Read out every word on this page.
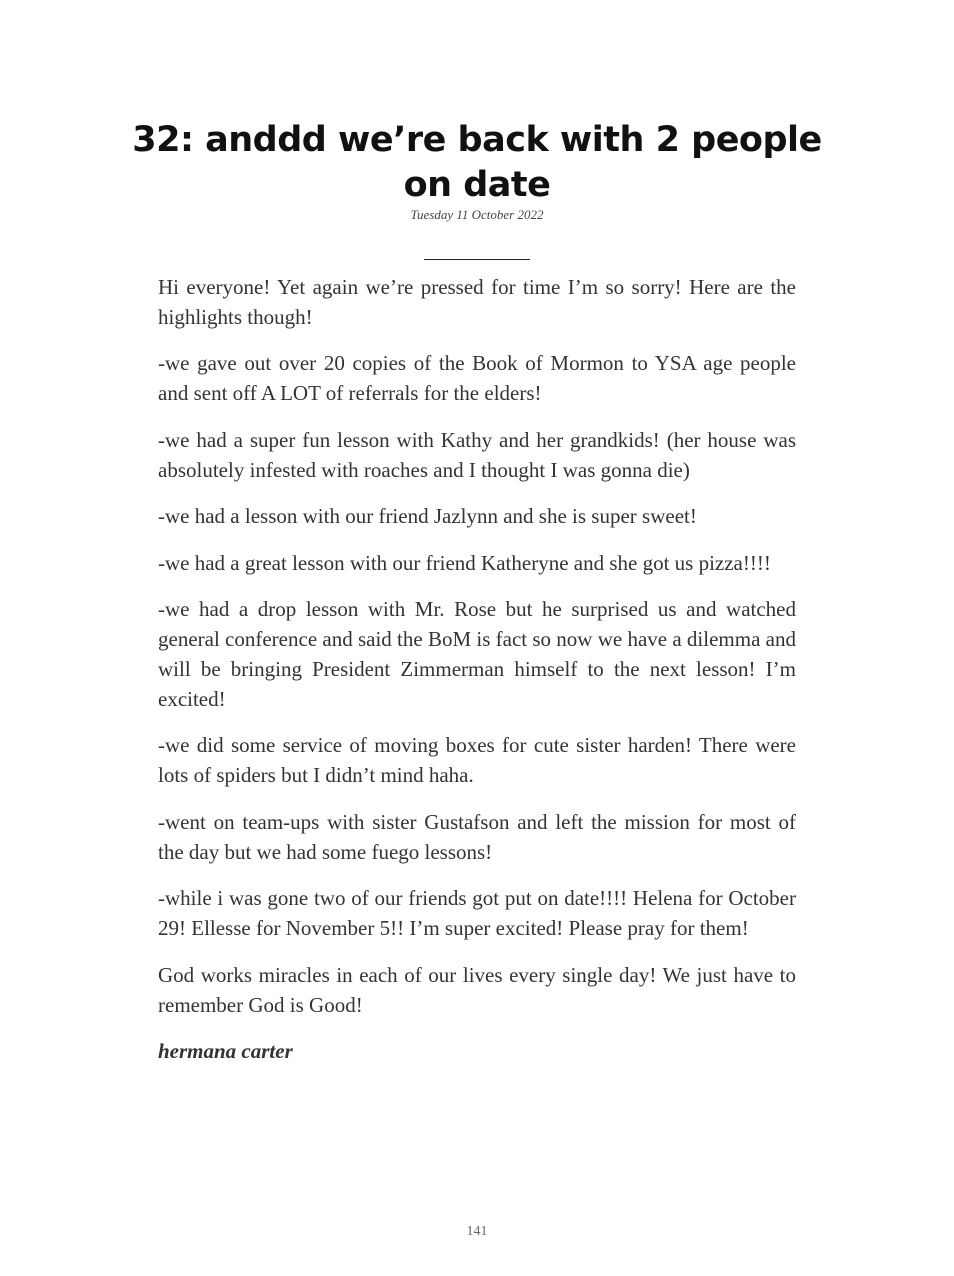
32: anddd we’re back with 2 people on date
Tuesday 11 October 2022

Hi everyone! Yet again we’re pressed for time I’m so sorry! Here are the highlights though!

-we gave out over 20 copies of the Book of Mormon to YSA age people and sent off A LOT of referrals for the elders!

-we had a super fun lesson with Kathy and her grandkids! (her house was absolutely infested with roaches and I thought I was gonna die)

-we had a lesson with our friend Jazlynn and she is super sweet!

-we had a great lesson with our friend Katheryne and she got us pizza!!!!

-we had a drop lesson with Mr. Rose but he surprised us and watched general conference and said the BoM is fact so now we have a dilemma and will be bringing President Zimmerman himself to the next lesson! I’m excited!

-we did some service of moving boxes for cute sister harden! There were lots of spiders but I didn’t mind haha.

-went on team-ups with sister Gustafson and left the mission for most of the day but we had some fuego lessons!

-while i was gone two of our friends got put on date!!!! Helena for October 29! Ellesse for November 5!! I’m super excited! Please pray for them!

God works miracles in each of our lives every single day! We just have to remember God is Good!

hermana carter

141
